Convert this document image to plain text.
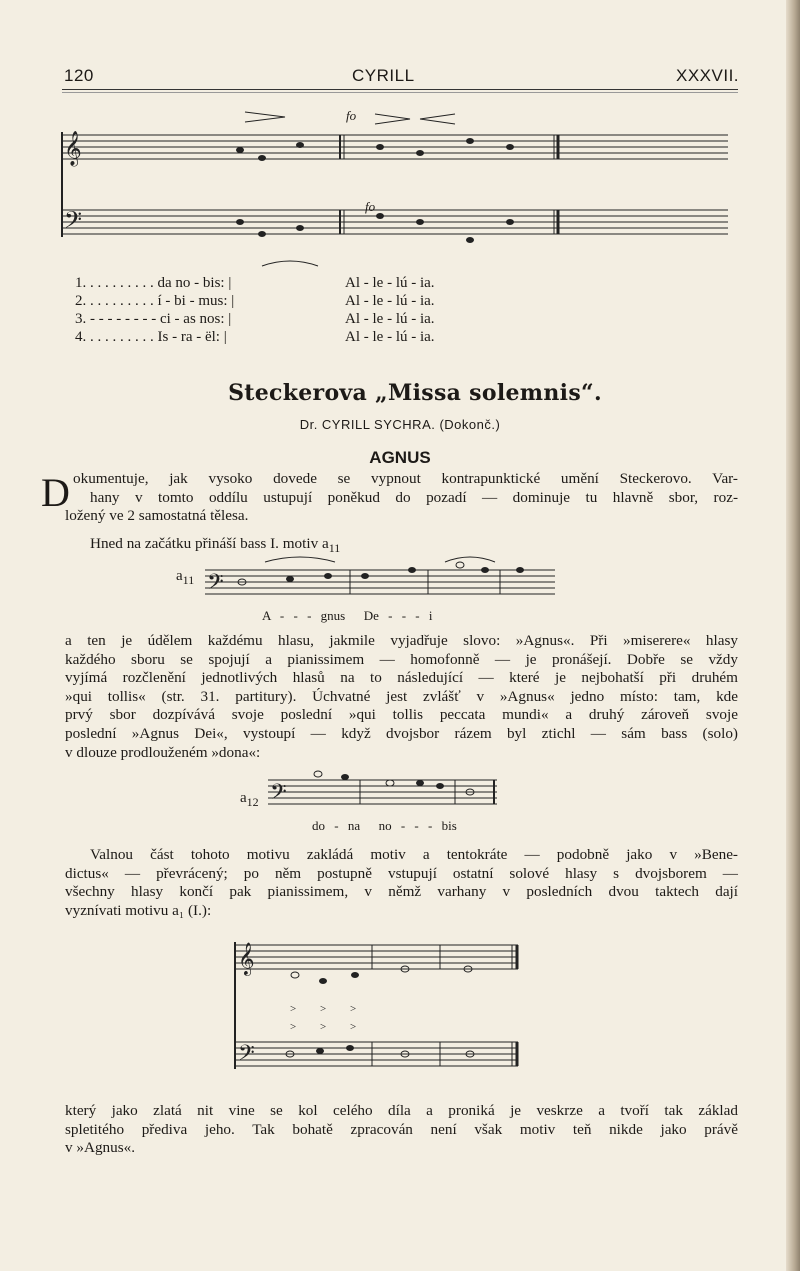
120	CYRILL	XXXVII.
𝄞
𝄢
fo
fo
1. . . . . . . . . . da no - bis: |	Al - le - lú - ia.
2. . . . . . . . . . í - bi - mus: |	Al - le - lú - ia.
3. - - - - - - - - ci - as nos: |	Al - le - lú - ia.
4. . . . . . . . . . Is - ra - ël: |	Al - le - lú - ia.
Steckerova „Missa solemnis“.
Dr. CYRILL SYCHRA. (Dokonč.)
AGNUS
D okumentuje, jak vysoko dovede se vypnout kontrapunktické umění Steckerovo. Var-
hany v tomto oddílu ustupují poněkud do pozadí — dominuje tu hlavně sbor, roz-
ložený ve 2 samostatná tělesa.
Hned na začátku přináší bass I. motiv $a_{11}$
$a_{11}$ 𝄢
A - - - gnus  De - - - i
a ten je údělem každému hlasu, jakmile vyjadřuje slovo: »Agnus«. Při »miserere« hlasy
každého sboru se spojují a pianissimem — homofonně — je pronášejí. Dobře se vždy
vyjímá rozčlenění jednotlivých hlasů na to následující — které je nejbohatší při druhém
»qui tollis« (str. 31. partitury). Úchvatné jest zvlášť v »Agnus« jedno místo: tam, kde
prvý sbor dozpívává svoje poslední »qui tollis peccata mundi« a druhý zároveň svoje
poslední »Agnus Dei«, vystoupí — když dvojsbor rázem byl ztichl — sám bass (solo)
v dlouze prodlouženém »dona«:
$a_{12}$ 𝄢
do - na  no - - - bis
Valnou část tohoto motivu zakládá motiv a tentokráte — podobně jako v »Bene-
dictus« — převrácený; po něm postupně vstupují ostatní solové hlasy s dvojsborem —
všechny hlasy končí pak pianissimem, v němž varhany v posledních dvou taktech dají
vyznívati motivu a₁ (I.):
𝄞
𝄢
> > >
> > >
který jako zlatá nit vine se kol celého díla a proniká je veskrze a tvoří tak základ
spletitého přediva jeho. Tak bohatě zpracován není však motiv teň nikde jako právě
v »Agnus«.
